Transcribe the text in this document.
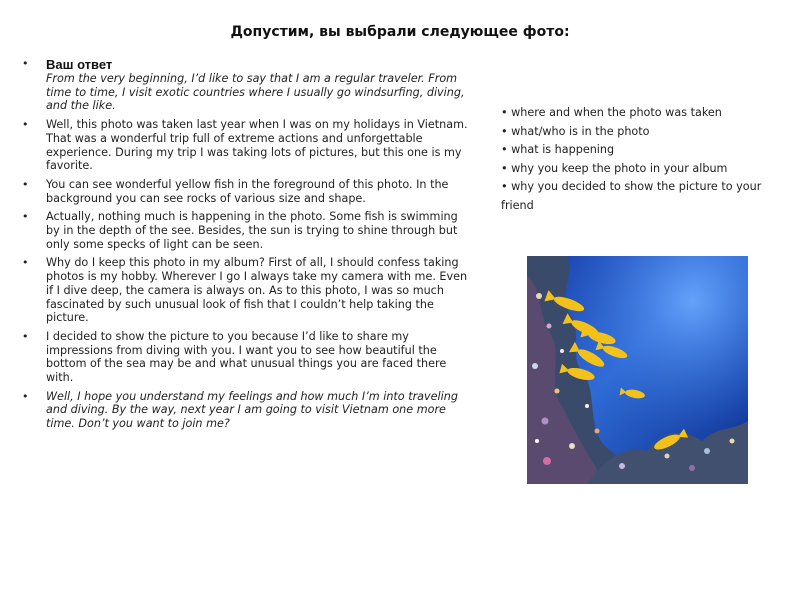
Допустим, вы выбрали следующее фото:
• Ваш ответ
From the very beginning, I’d like to say that I am a regular traveler. From time to time, I visit exotic countries where I usually go windsurfing, diving, and the like.
• Well, this photo was taken last year when I was on my holidays in Vietnam. That was a wonderful trip full of extreme actions and unforgettable experience. During my trip I was taking lots of pictures, but this one is my favorite.
• You can see wonderful yellow fish in the foreground of this photo. In the background you can see rocks of various size and shape.
• Actually, nothing much is happening in the photo. Some fish is swimming by in the depth of the see. Besides, the sun is trying to shine through but only some specks of light can be seen.
• Why do I keep this photo in my album? First of all, I should confess taking photos is my hobby. Wherever I go I always take my camera with me. Even if I dive deep, the camera is always on. As to this photo, I was so much fascinated by such unusual look of fish that I couldn’t help taking the picture.
• I decided to show the picture to you because I’d like to share my impressions from diving with you. I want you to see how beautiful the bottom of the sea may be and what unusual things you are faced there with.
• Well, I hope you understand my feelings and how much I’m into traveling and diving. By the way, next year I am going to visit Vietnam one more time. Don’t you want to join me?
• where and when the photo was taken
• what/who is in the photo
• what is happening
• why you keep the photo in your album
• why you decided to show the picture to your friend
